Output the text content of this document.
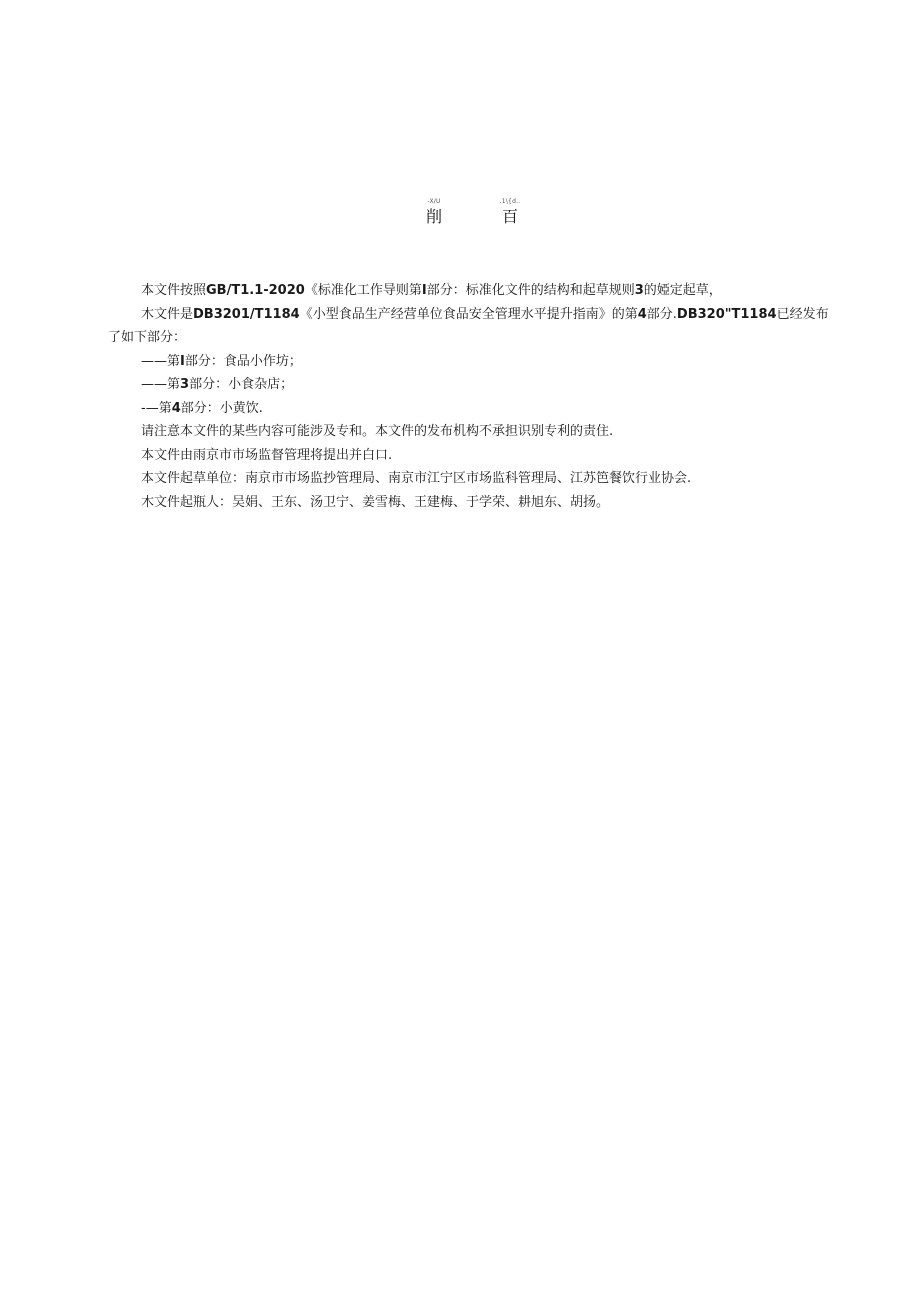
-X/U
削
.1\{d..
百

本文件按照GB/T1.1-2020《标准化工作导则第I部分：标准化文件的结构和起草规则3的婭定起草，

木文件是DB3201/T1184《小型食品生产经营单位食品安全管理水平提升指南》的第4部分.DB320"T1184已经发布了如下部分：

——第I部分：食品小作坊；

——第3部分：小食杂店；

-—第4部分：小黄饮.

请注意本文件的某些内容可能涉及专和。本文件的发布机构不承担识别专利的责住.

本文件由雨京市市场监督管理将提出并白口.

本文件起草单位：南京市市场监抄管理局、南京市江宁区市场监科管理局、江苏笆餐饮行业协会.

木文件起瓶人：吴娟、王东、汤卫宁、姜雪梅、王建梅、于学荣、耕旭东、胡扬。
